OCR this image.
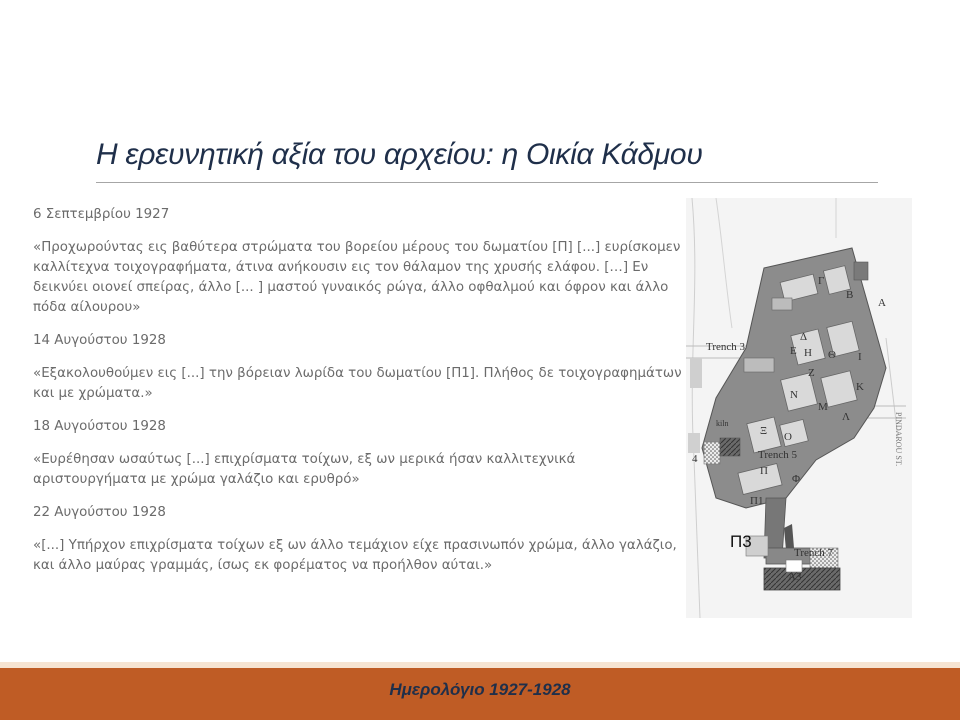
Η ερευνητική αξία του αρχείου: η Οικία Κάδμου

6 Σεπτεμβρίου 1927

«Προχωρούντας εις βαθύτερα στρώματα του βορείου μέρους του δωματίου [Π] [...] ευρίσκομεν καλλίτεχνα τοιχογραφήματα, άτινα ανήκουσιν εις τον θάλαμον της χρυσής ελάφου. […] Εν δεικνύει οιονεί σπείρας, άλλο [... ] μαστού γυναικός ρώγα, άλλο οφθαλμού και όφρον και άλλο πόδα αίλουρου»

14 Αυγούστου 1928

«Εξακολουθούμεν εις [...] την βόρειαν λωρίδα του δωματίου [Π1]. Πλήθος δε τοιχογραφημάτων και με χρώματα.»

18 Αυγούστου 1928

«Ευρέθησαν ωσαύτως [...] επιχρίσματα τοίχων, εξ ων μερικά ήσαν καλλιτεχνικά αριστουργήματα με χρώμα γαλάζιο και ερυθρό»

22 Αυγούστου 1928

«[...] Υπήρχον επιχρίσματα τοίχων εξ ων άλλο τεμάχιον είχε πρασινωπόν χρώμα, άλλο γαλάζιο, και άλλο μαύρας γραμμάς, ίσως εκ φορέματος να προήλθον αύται.»

Γ
Β
Α
Δ
Ε Η Θ Ι
Ζ
Κ
Ν
Μ
Λ
Ξ Ο
Π
Φ
Π1
4
Α3
Trench 3
Trench 5
Trench 7
kiln	PINDAROU ST.
Π3
Ημερολόγιο 1927-1928
